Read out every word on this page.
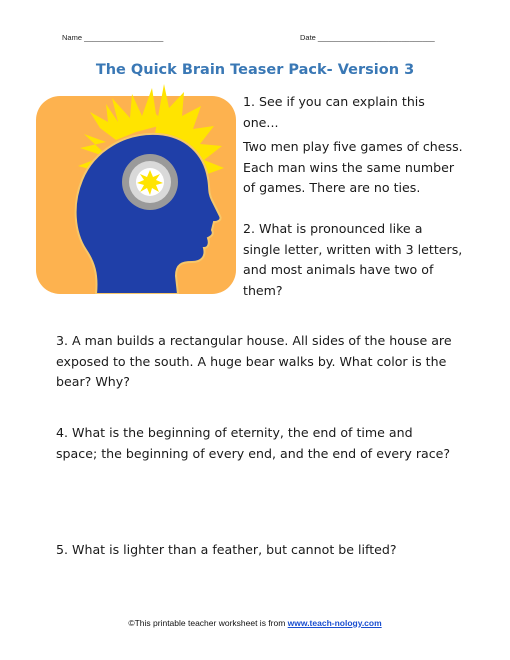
Name ___________________	Date ____________________________
The Quick Brain Teaser Pack- Version 3
1. See if you can explain this one...
Two men play five games of chess. Each man wins the same number of games. There are no ties.
2. What is pronounced like a single letter, written with 3 letters, and most animals have two of them?
3. A man builds a rectangular house. All sides of the house are exposed to the south. A huge bear walks by. What color is the bear? Why?
4. What is the beginning of eternity, the end of time and space; the beginning of every end, and the end of every race?
5. What is lighter than a feather, but cannot be lifted?
©This printable teacher worksheet is from www.teach-nology.com
